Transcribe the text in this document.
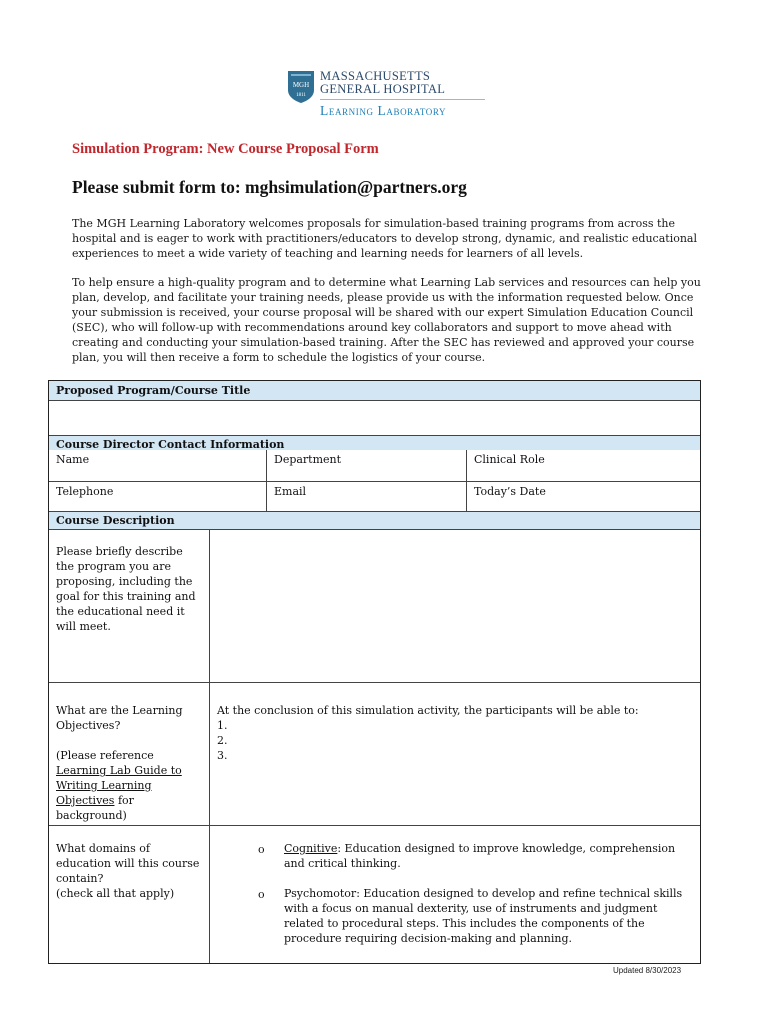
MGH
1811
MASSACHUSETTS
GENERAL HOSPITAL
Learning Laboratory
Simulation Program: New Course Proposal Form
Please submit form to: mghsimulation@partners.org
The MGH Learning Laboratory welcomes proposals for simulation-based training programs from across the hospital and is eager to work with practitioners/educators to develop strong, dynamic, and realistic educational experiences to meet a wide variety of teaching and learning needs for learners of all levels.
To help ensure a high-quality program and to determine what Learning Lab services and resources can help you plan, develop, and facilitate your training needs, please provide us with the information requested below. Once your submission is received, your course proposal will be shared with our expert Simulation Education Council (SEC), who will follow-up with recommendations around key collaborators and support to move ahead with creating and conducting your simulation-based training. After the SEC has reviewed and approved your course plan, you will then receive a form to schedule the logistics of your course.
Proposed Program/Course Title
Course Director Contact Information
Name	Department	Clinical Role
Telephone	Email	Today’s Date
Course Description
Please briefly describe the program you are proposing, including the goal for this training and the educational need it will meet.
What are the Learning Objectives?
(Please reference Learning Lab Guide to Writing Learning Objectives for background)
At the conclusion of this simulation activity, the participants will be able to:
1.
2.
3.
What domains of education will this course contain?
(check all that apply)
o Cognitive: Education designed to improve knowledge, comprehension and critical thinking.
o Psychomotor: Education designed to develop and refine technical skills with a focus on manual dexterity, use of instruments and judgment related to procedural steps. This includes the components of the procedure requiring decision-making and planning.
Updated 8/30/2023
